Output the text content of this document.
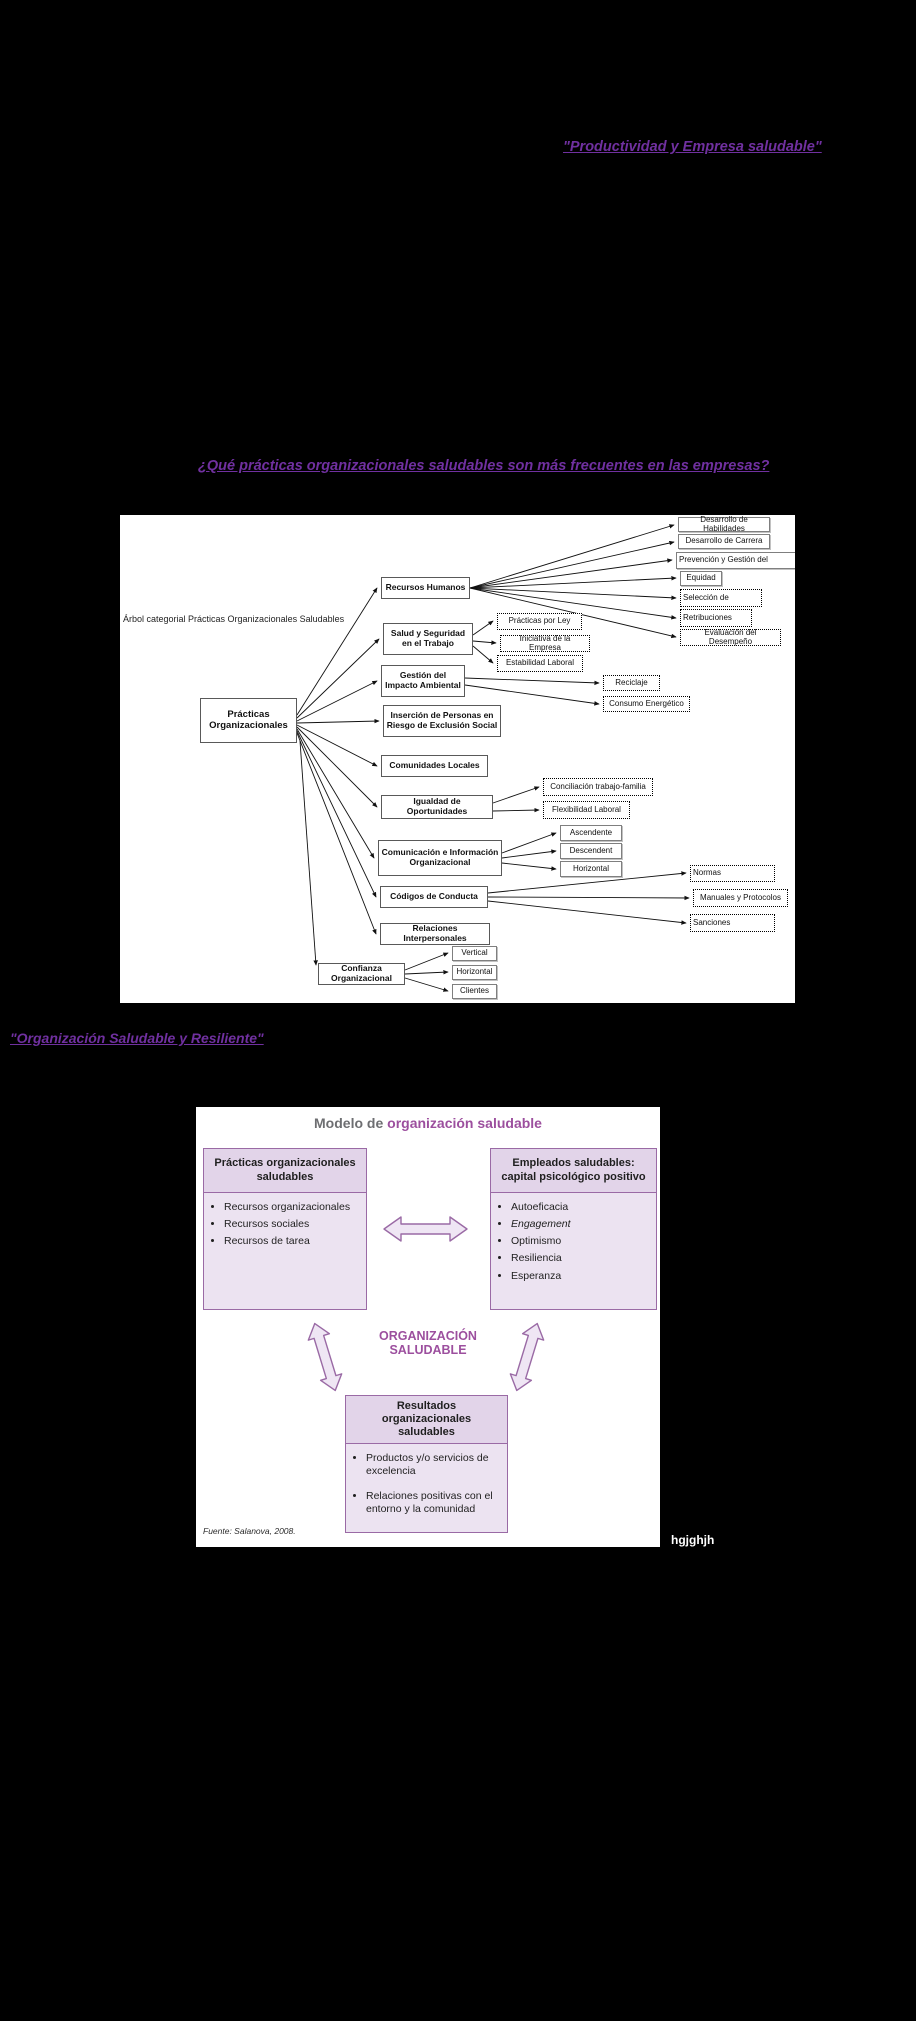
"Productividad y Empresa saludable"
¿Qué prácticas organizacionales saludables son más frecuentes en las empresas?
Árbol categorial Prácticas Organizacionales Saludables
Prácticas
Organizacionales
Recursos Humanos
Salud y Seguridad en el Trabajo
Gestión del Impacto Ambiental
Inserción de Personas en Riesgo de Exclusión Social
Comunidades Locales
Igualdad de Oportunidades
Comunicación e Información Organizacional
Códigos de Conducta
Relaciones Interpersonales
Confianza Organizacional
Desarrollo de Habilidades
Desarrollo de Carrera
Prevención y Gestión del
Equidad
Selección de
Retribuciones
Evaluación del Desempeño
Prácticas por Ley
Iniciativa de la Empresa
Estabilidad Laboral
Reciclaje
Consumo Energético
Conciliación trabajo-familia
Flexibilidad Laboral
Ascendente
Descendent
Horizontal	Normas
Manuales y Protocolos
Sanciones
Vertical
Horizontal
Clientes
"Organización Saludable y Resiliente"
Modelo de organización saludable
Prácticas organizacionales saludables
• Recursos organizacionales
• Recursos sociales
• Recursos de tarea
Empleados saludables: capital psicológico positivo
• Autoeficacia
• Engagement
• Optimismo
• Resiliencia
• Esperanza
ORGANIZACIÓN
SALUDABLE
Resultados organizacionales saludables
• Productos y/o servicios de excelencia
• Relaciones positivas con el entorno y la comunidad
Fuente: Salanova, 2008.
hgjghjh
